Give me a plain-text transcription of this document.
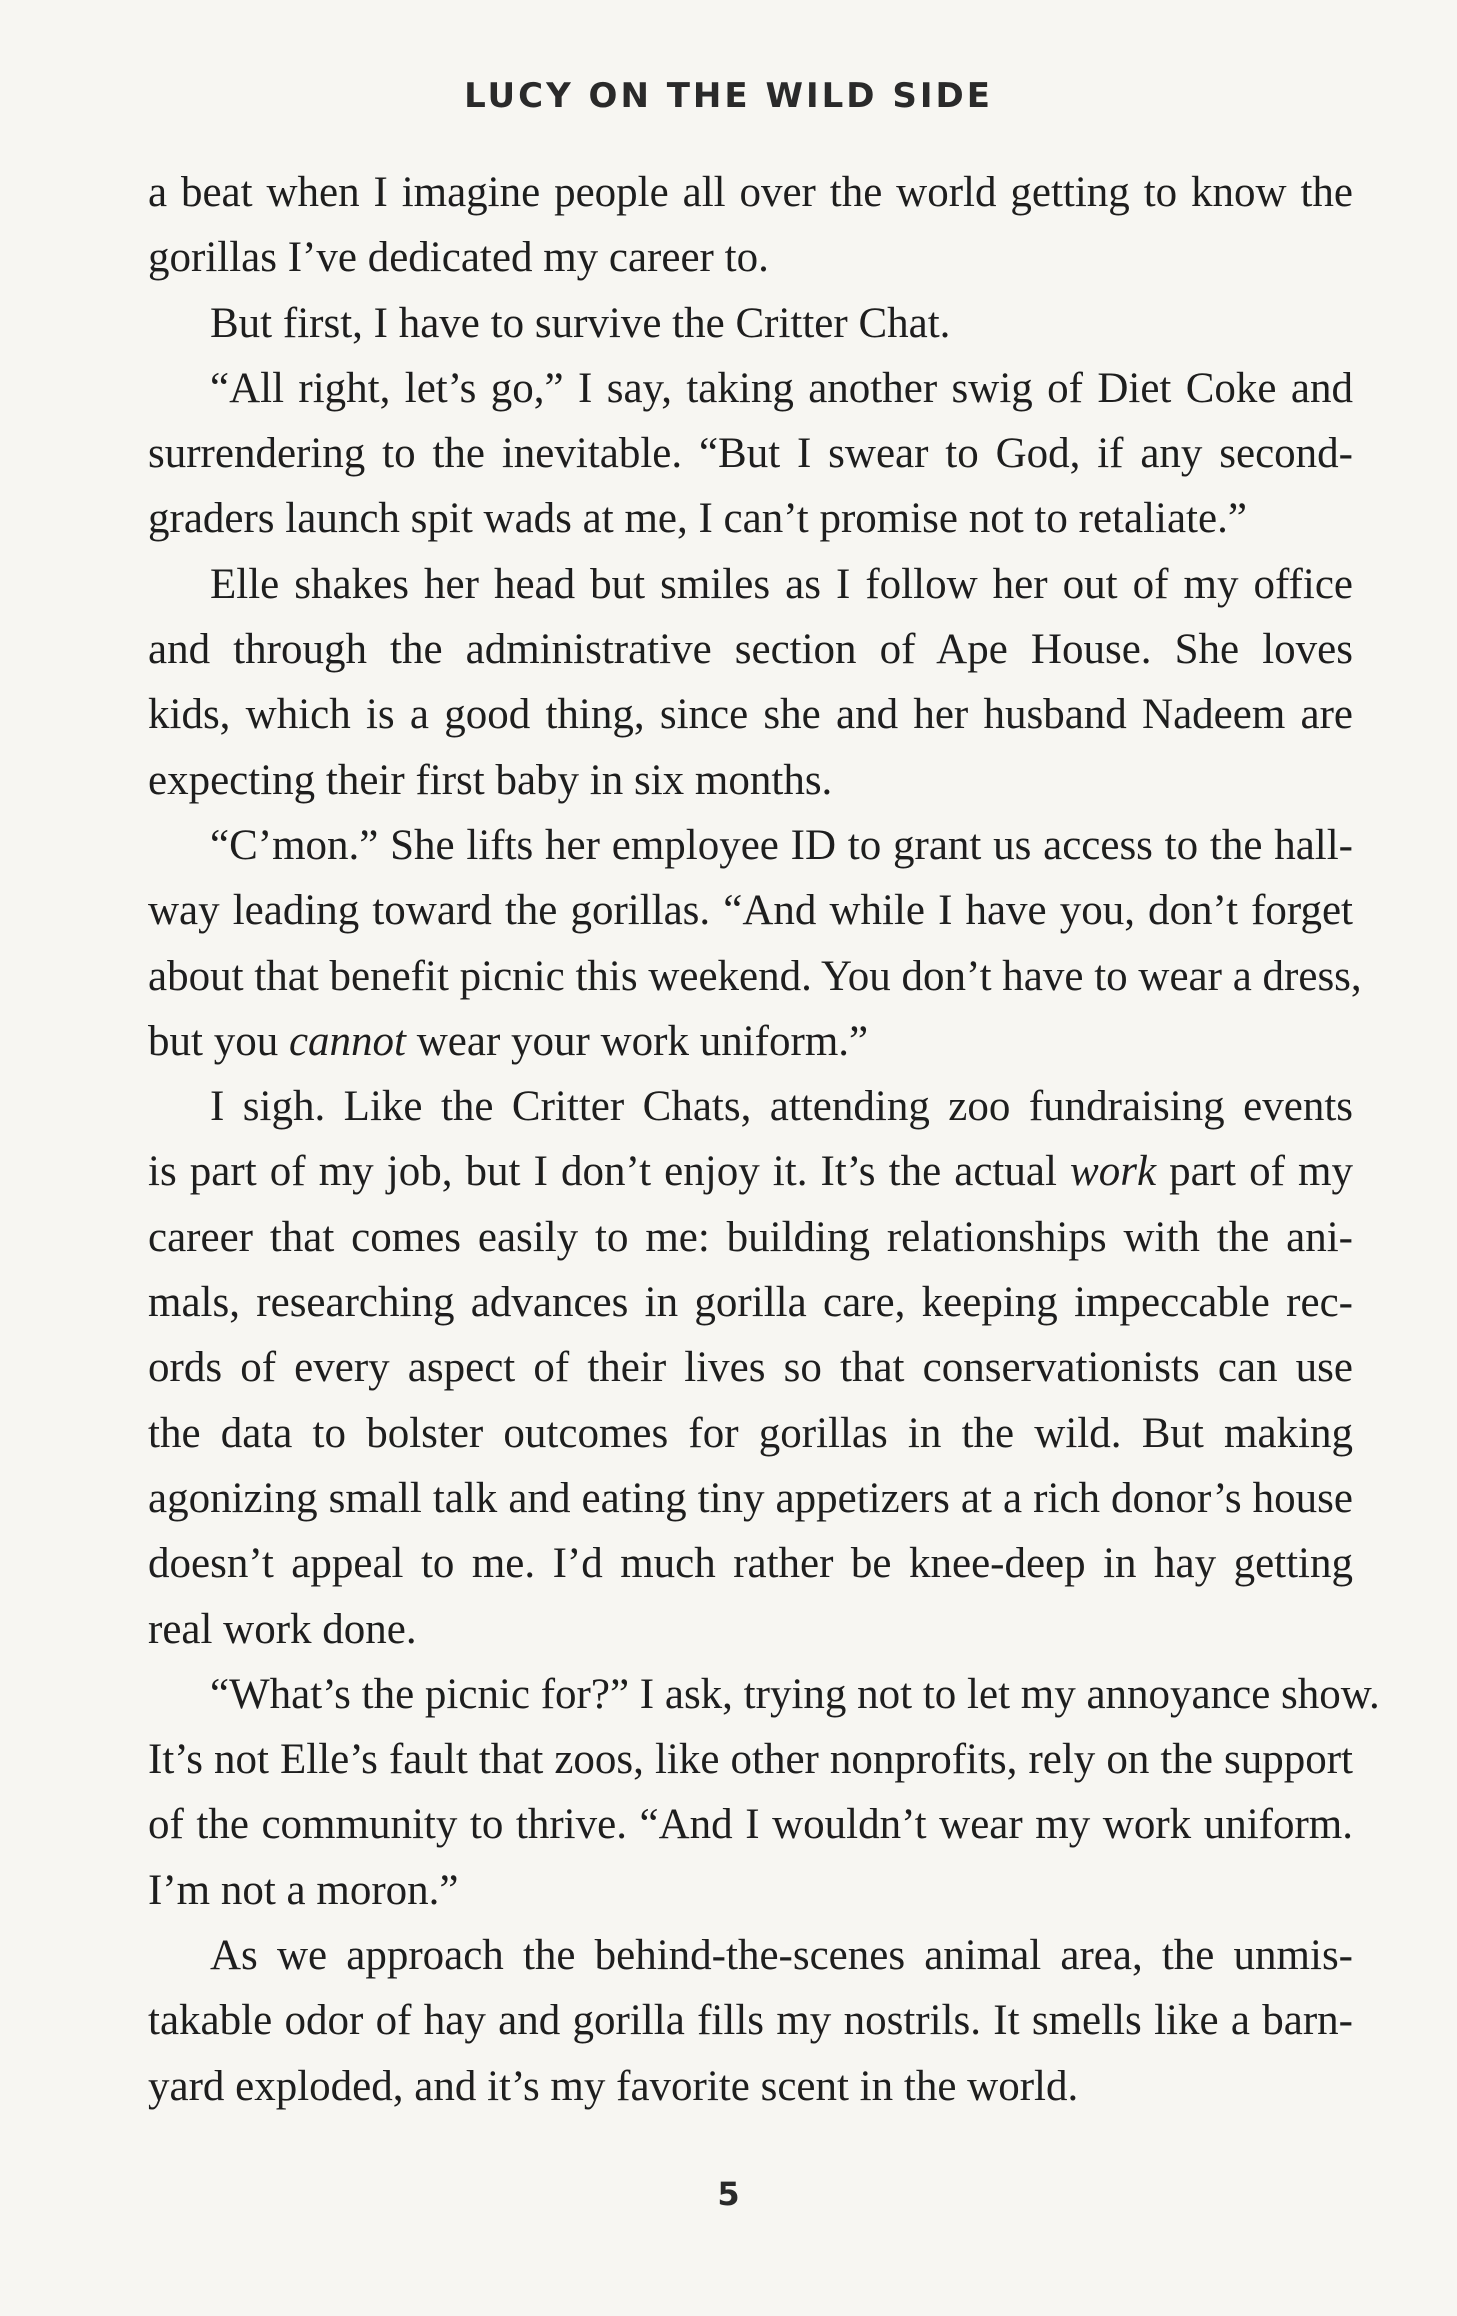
LUCY ON THE WILD SIDE
a beat when I imagine people all over the world getting to know the
gorillas I’ve dedicated my career to.
But first, I have to survive the Critter Chat.
“All right, let’s go,” I say, taking another swig of Diet Coke and
surrendering to the inevitable. “But I swear to God, if any second-
graders launch spit wads at me, I can’t promise not to retaliate.”
Elle shakes her head but smiles as I follow her out of my office
and through the administrative section of Ape House. She loves
kids, which is a good thing, since she and her husband Nadeem are
expecting their first baby in six months.
“C’mon.” She lifts her employee ID to grant us access to the hall-
way leading toward the gorillas. “And while I have you, don’t forget
about that benefit picnic this weekend. You don’t have to wear a dress,
but you cannot wear your work uniform.”
I sigh. Like the Critter Chats, attending zoo fundraising events
is part of my job, but I don’t enjoy it. It’s the actual work part of my
career that comes easily to me: building relationships with the ani-
mals, researching advances in gorilla care, keeping impeccable rec-
ords of every aspect of their lives so that conservationists can use
the data to bolster outcomes for gorillas in the wild. But making
agonizing small talk and eating tiny appetizers at a rich donor’s house
doesn’t appeal to me. I’d much rather be knee-deep in hay getting
real work done.
“What’s the picnic for?” I ask, trying not to let my annoyance show.
It’s not Elle’s fault that zoos, like other nonprofits, rely on the support
of the community to thrive. “And I wouldn’t wear my work uniform.
I’m not a moron.”
As we approach the behind-the-scenes animal area, the unmis-
takable odor of hay and gorilla fills my nostrils. It smells like a barn-
yard exploded, and it’s my favorite scent in the world.
5
